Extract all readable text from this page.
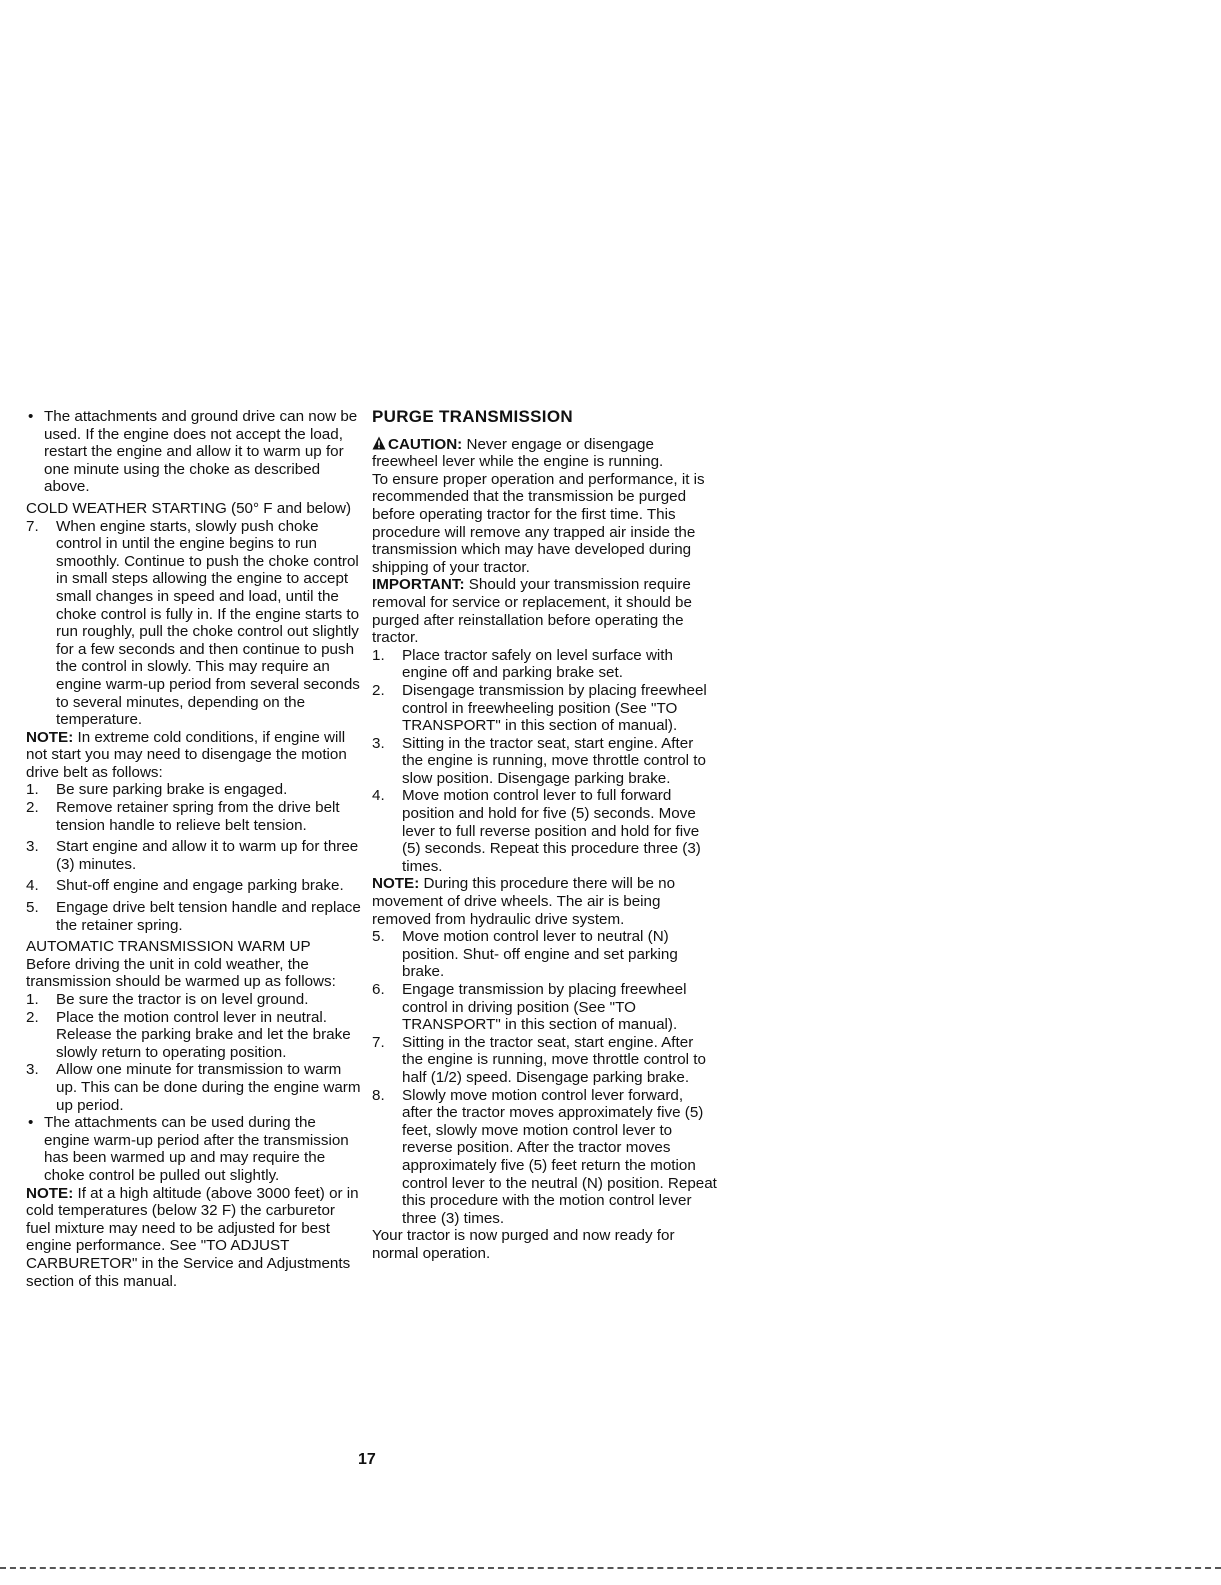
• The attachments and ground drive can now be used. If the engine does not accept the load, restart the engine and allow it to warm up for one minute using the choke as described above.

COLD WEATHER STARTING (50° F and below)

7.	When engine starts, slowly push choke control in until the engine begins to run smoothly. Continue to push the choke control in small steps allowing the engine to accept small changes in speed and load, until the choke control is fully in. If the engine starts to run roughly, pull the choke control out slightly for a few seconds and then continue to push the control in slowly. This may require an engine warm-up period from several seconds to several minutes, depending on the temperature.

NOTE: In extreme cold conditions, if engine will not start you may need to disengage the motion drive belt as follows:

1.	Be sure parking brake is engaged.
2.	Remove retainer spring from the drive belt tension handle to relieve belt tension.
3.	Start engine and allow it to warm up for three (3) minutes.
4.	Shut-off engine and engage parking brake.
5.	Engage drive belt tension handle and replace the retainer spring.

AUTOMATIC TRANSMISSION WARM UP

Before driving the unit in cold weather, the transmission should be warmed up as follows:

1.	Be sure the tractor is on level ground.
2.	Place the motion control lever in neutral. Release the parking brake and let the brake slowly return to operating position.
3.	Allow one minute for transmission to warm up. This can be done during the engine warm up period.
• The attachments can be used during the engine warm-up period after the transmission has been warmed up and may require the choke control be pulled out slightly.

NOTE: If at a high altitude (above 3000 feet) or in cold temperatures (below 32 F) the carburetor fuel mixture may need to be adjusted for best engine performance. See "TO ADJUST CARBURETOR" in the Service and Adjustments section of this manual.

PURGE TRANSMISSION

CAUTION: Never engage or disengage freewheel lever while the engine is running.

To ensure proper operation and performance, it is recommended that the transmission be purged before operating tractor for the first time. This procedure will remove any trapped air inside the transmission which may have developed during shipping of your tractor.

IMPORTANT: Should your transmission require removal for service or replacement, it should be purged after reinstallation before operating the tractor.

1.	Place tractor safely on level surface with engine off and parking brake set.
2.	Disengage transmission by placing freewheel control in freewheeling position (See "TO TRANSPORT" in this section of manual).
3.	Sitting in the tractor seat, start engine. After the engine is running, move throttle control to slow position. Disengage parking brake.
4.	Move motion control lever to full forward position and hold for five (5) seconds. Move lever to full reverse position and hold for five (5) seconds. Repeat this procedure three (3) times.

NOTE: During this procedure there will be no movement of drive wheels. The air is being removed from hydraulic drive system.

5.	Move motion control lever to neutral (N) position. Shut- off engine and set parking brake.
6.	Engage transmission by placing freewheel control in driving position (See "TO TRANSPORT" in this section of manual).
7.	Sitting in the tractor seat, start engine. After the engine is running, move throttle control to half (1/2) speed. Disengage parking brake.
8.	Slowly move motion control lever forward, after the tractor moves approximately five (5) feet, slowly move motion control lever to reverse position. After the tractor moves approximately five (5) feet return the motion control lever to the neutral (N) position. Repeat this procedure with the motion control lever three (3) times.

Your tractor is now purged and now ready for normal operation.

17
